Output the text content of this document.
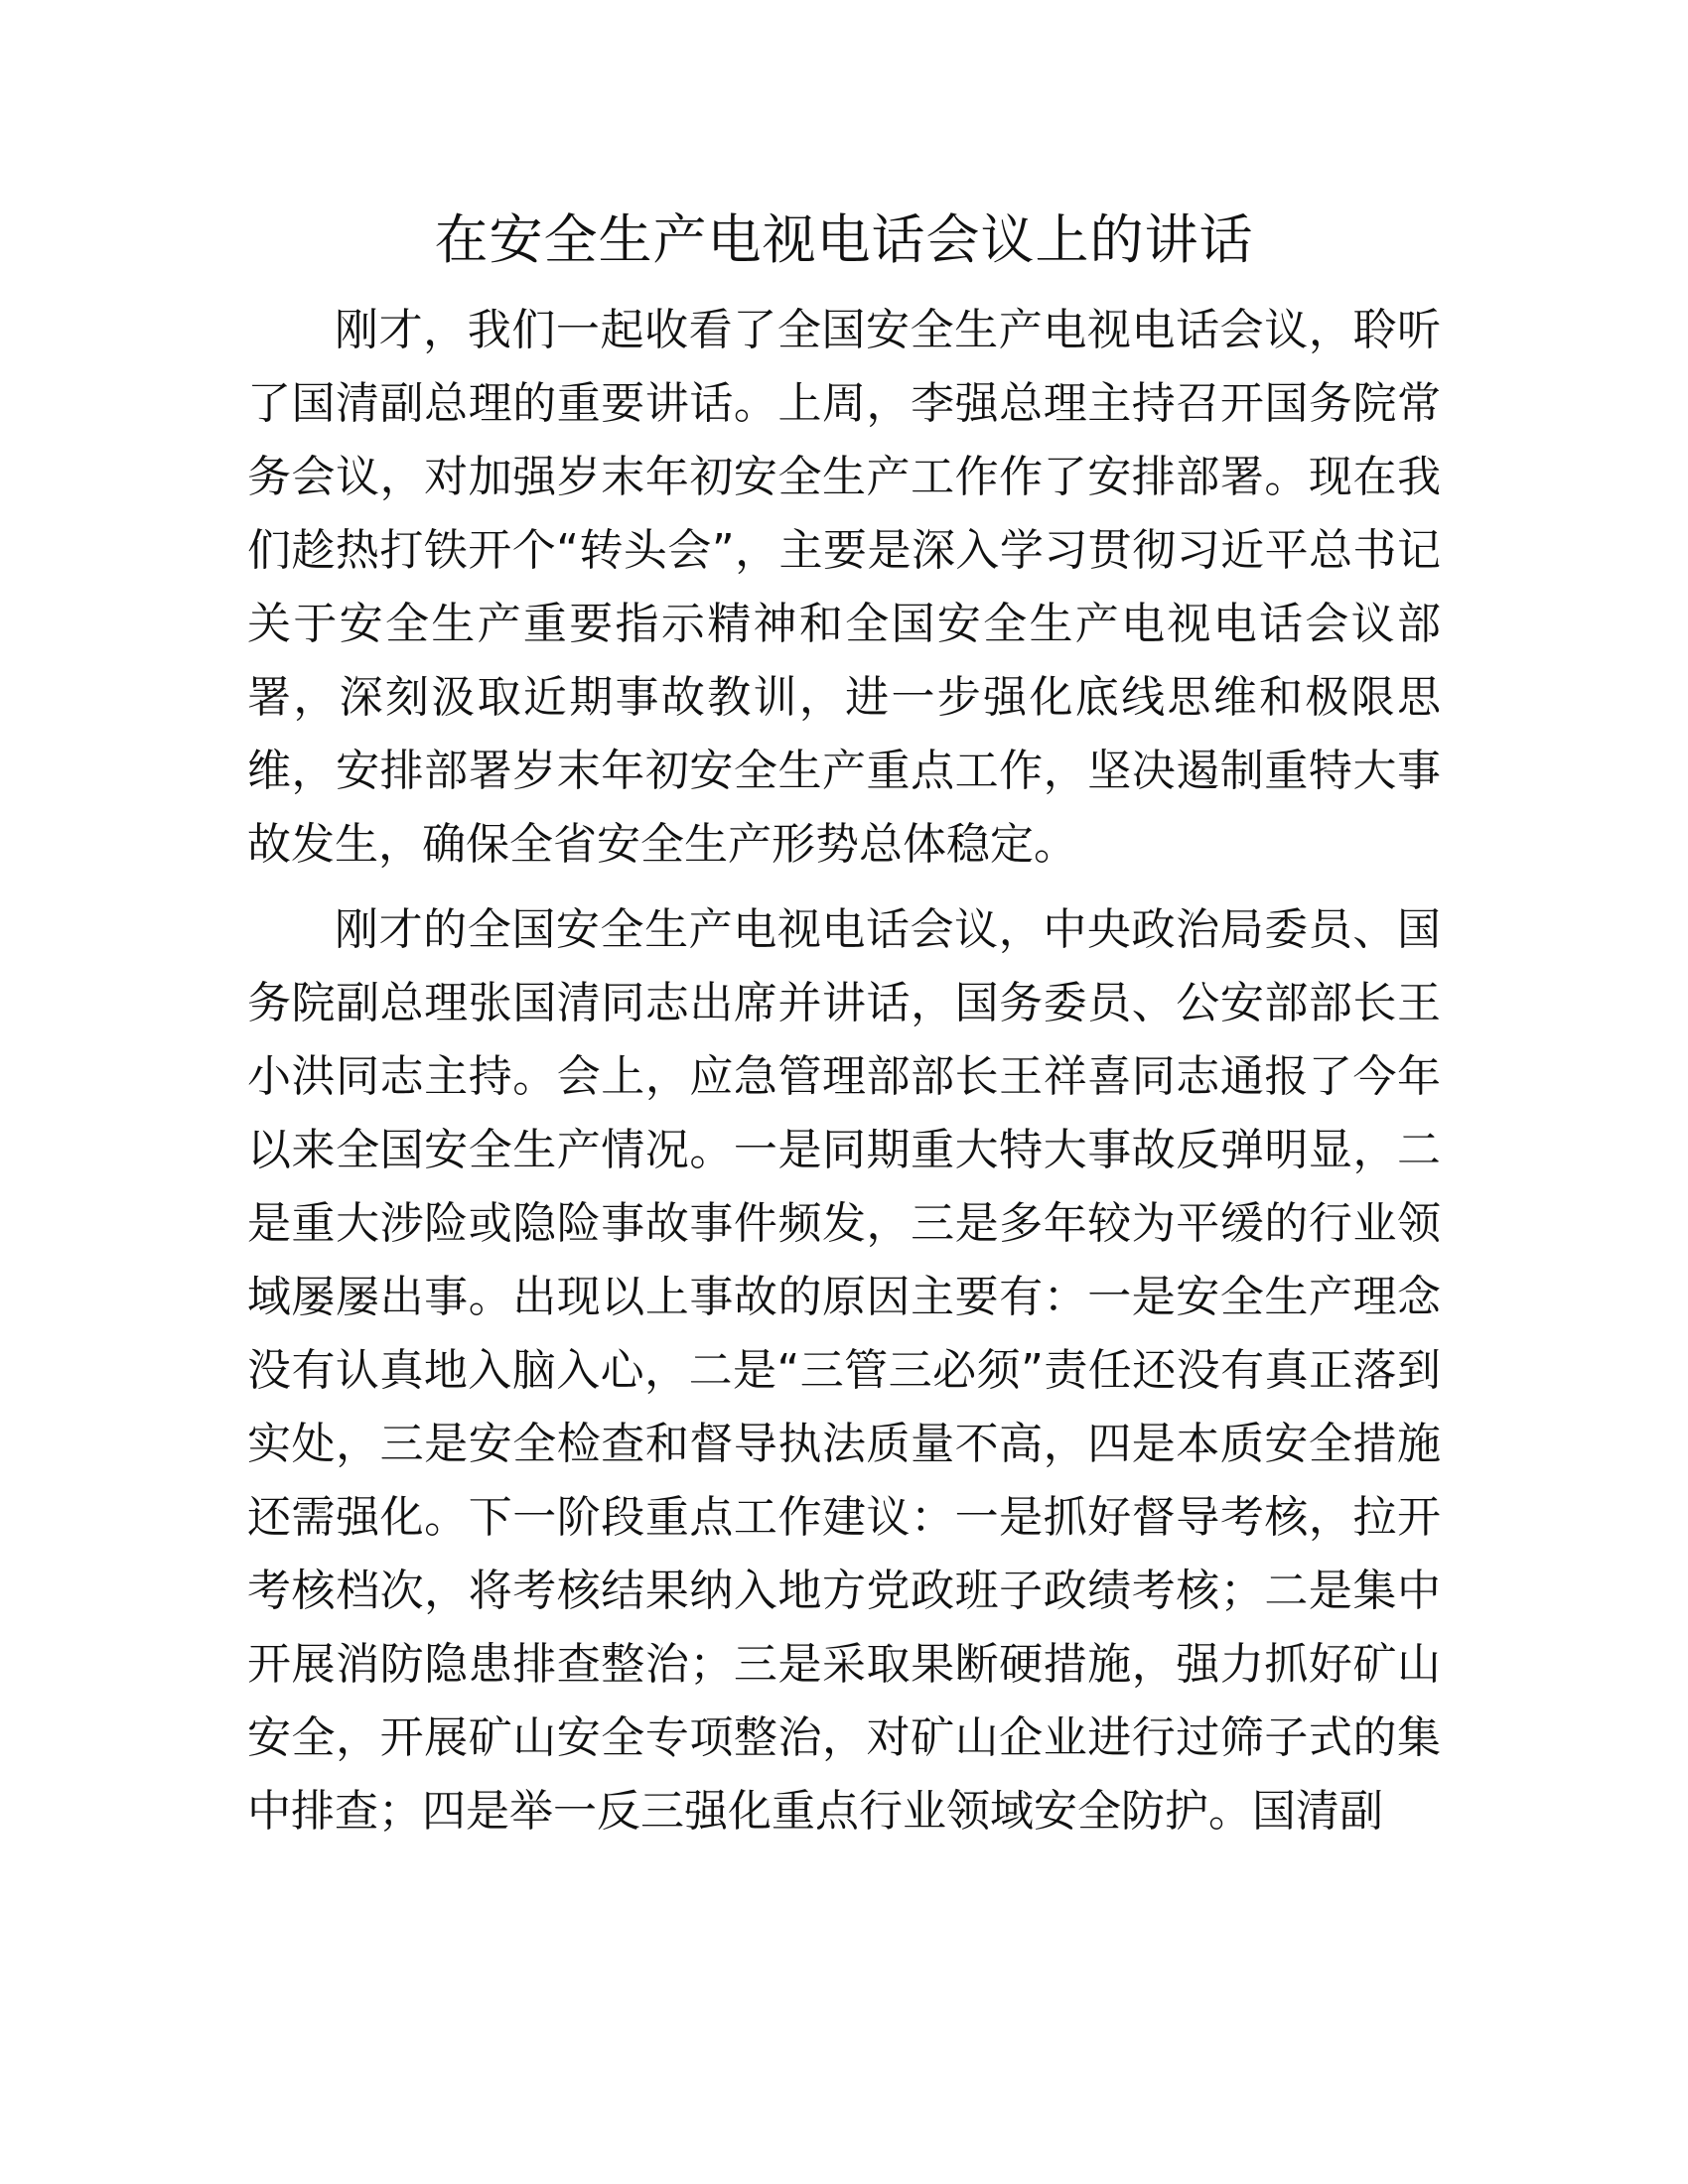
在安全生产电视电话会议上的讲话

刚才，我们一起收看了全国安全生产电视电话会议，聆听了国清副总理的重要讲话。上周，李强总理主持召开国务院常务会议，对加强岁末年初安全生产工作作了安排部署。现在我们趁热打铁开个“转头会”，主要是深入学习贯彻习近平总书记关于安全生产重要指示精神和全国安全生产电视电话会议部署，深刻汲取近期事故教训，进一步强化底线思维和极限思维，安排部署岁末年初安全生产重点工作，坚决遏制重特大事故发生，确保全省安全生产形势总体稳定。

刚才的全国安全生产电视电话会议，中央政治局委员、国务院副总理张国清同志出席并讲话，国务委员、公安部部长王小洪同志主持。会上，应急管理部部长王祥喜同志通报了今年以来全国安全生产情况。一是同期重大特大事故反弹明显，二是重大涉险或隐险事故事件频发，三是多年较为平缓的行业领域屡屡出事。出现以上事故的原因主要有：一是安全生产理念没有认真地入脑入心，二是“三管三必须”责任还没有真正落到实处，三是安全检查和督导执法质量不高，四是本质安全措施还需强化。下一阶段重点工作建议：一是抓好督导考核，拉开考核档次，将考核结果纳入地方党政班子政绩考核；二是集中开展消防隐患排查整治；三是采取果断硬措施，强力抓好矿山安全，开展矿山安全专项整治，对矿山企业进行过筛子式的集中排查；四是举一反三强化重点行业领域安全防护。国清副
